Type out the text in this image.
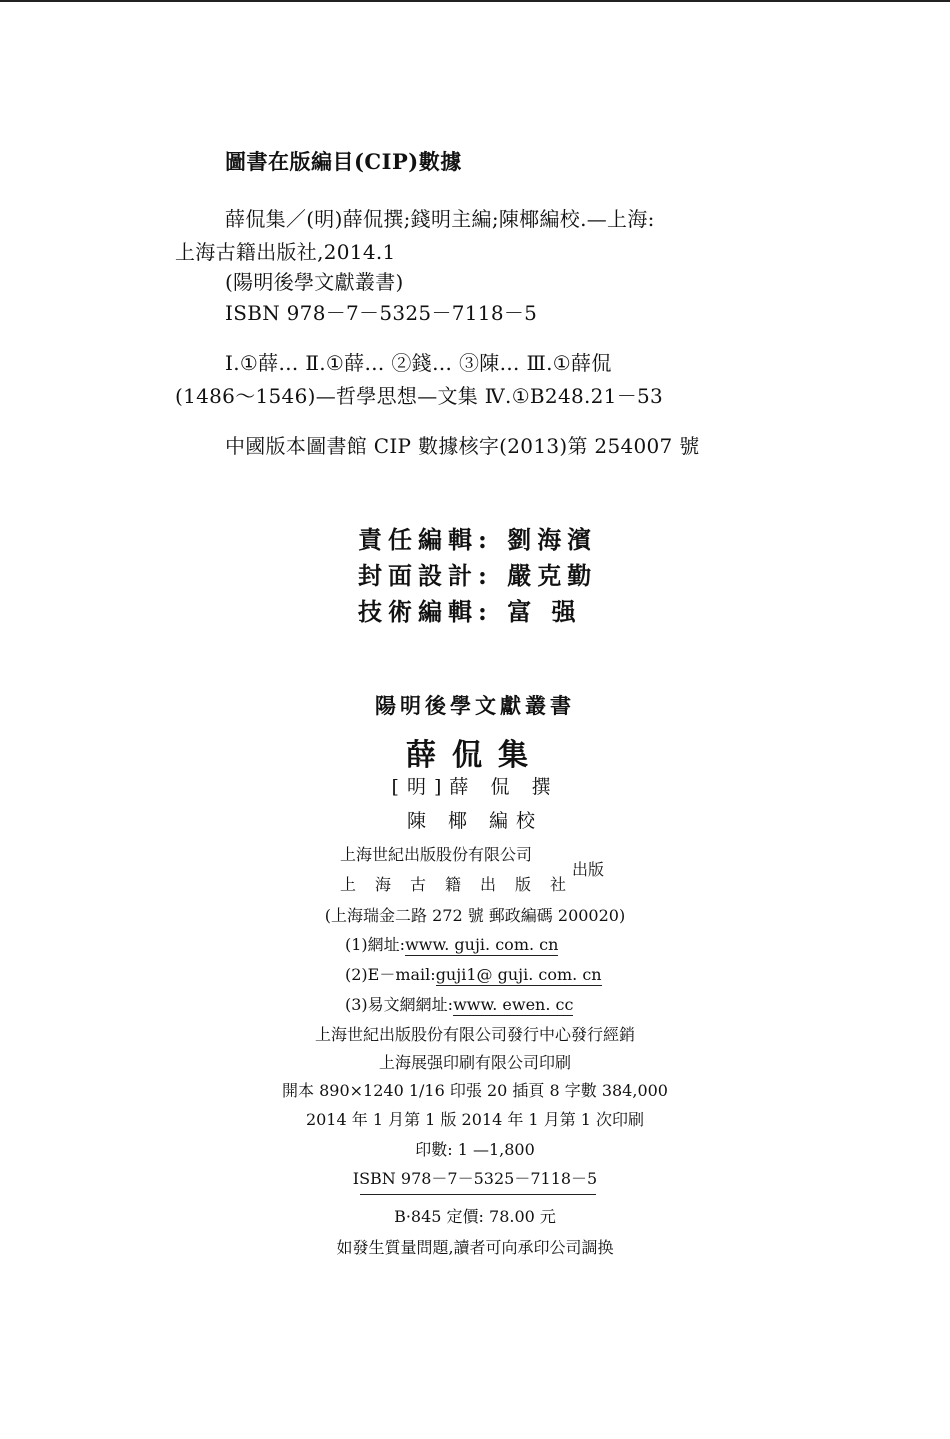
圖書在版編目(CIP)數據
薛侃集／(明)薛侃撰;錢明主編;陳椰編校.—上海:
上海古籍出版社,2014.1
(陽明後學文獻叢書)
ISBN 978－7－5325－7118－5
Ⅰ.①薛… Ⅱ.①薛… ②錢… ③陳… Ⅲ.①薛侃
(1486～1546)—哲學思想—文集 Ⅳ.①B248.21－53
中國版本圖書館 CIP 數據核字(2013)第 254007 號
責任編輯: 劉海濱
封面設計: 嚴克勤
技術編輯: 富 强
陽明後學文獻叢書
薛侃集
[明]薛 侃 撰
陳 椰 編校
上海世紀出版股份有限公司
上海古籍出版社
出版
(上海瑞金二路 272 號 郵政編碼 200020)
(1)網址:www. guji. com. cn
(2)E－mail:guji1@ guji. com. cn
(3)易文網網址:www. ewen. cc
上海世紀出版股份有限公司發行中心發行經銷
上海展强印刷有限公司印刷
開本 890×1240 1/16 印張 20 插頁 8 字數 384,000
2014 年 1 月第 1 版 2014 年 1 月第 1 次印刷
印數: 1 —1,800
ISBN 978－7－5325－7118－5
B·845 定價: 78.00 元
如發生質量問題,讀者可向承印公司調换
